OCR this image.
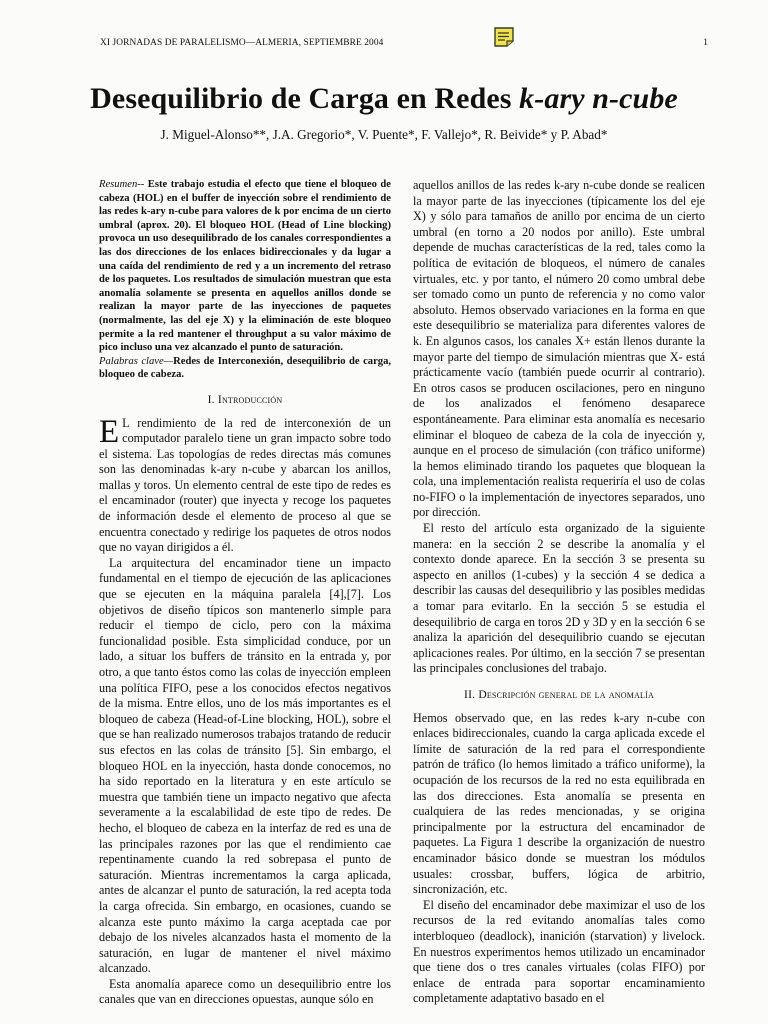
XI JORNADAS DE PARALELISMO—ALMERIA, SEPTIEMBRE 2004	1
Desequilibrio de Carga en Redes k-ary n-cube
J. Miguel-Alonso**, J.A. Gregorio*, V. Puente*, F. Vallejo*, R. Beivide* y P. Abad*

Resumen-- Este trabajo estudia el efecto que tiene el bloqueo de cabeza (HOL) en el buffer de inyección sobre el rendimiento de las redes k-ary n-cube para valores de k por encima de un cierto umbral (aprox. 20). El bloqueo HOL (Head of Line blocking) provoca un uso desequilibrado de los canales correspondientes a las dos direcciones de los enlaces bidireccionales y da lugar a una caída del rendimiento de red y a un incremento del retraso de los paquetes. Los resultados de simulación muestran que esta anomalía solamente se presenta en aquellos anillos donde se realizan la mayor parte de las inyecciones de paquetes (normalmente, las del eje X) y la eliminación de este bloqueo permite a la red mantener el throughput a su valor máximo de pico incluso una vez alcanzado el punto de saturación.

Palabras clave—Redes de Interconexión, desequilibrio de carga, bloqueo de cabeza.

I. Introducción
E L rendimiento de la red de interconexión de un computador paralelo tiene un gran impacto sobre todo el sistema. Las topologías de redes directas más comunes son las denominadas k-ary n-cube y abarcan los anillos, mallas y toros. Un elemento central de este tipo de redes es el encaminador (router) que inyecta y recoge los paquetes de información desde el elemento de proceso al que se encuentra conectado y redirige los paquetes de otros nodos que no vayan dirigidos a él.

La arquitectura del encaminador tiene un impacto fundamental en el tiempo de ejecución de las aplicaciones que se ejecuten en la máquina paralela [4],[7]. Los objetivos de diseño típicos son mantenerlo simple para reducir el tiempo de ciclo, pero con la máxima funcionalidad posible. Esta simplicidad conduce, por un lado, a situar los buffers de tránsito en la entrada y, por otro, a que tanto éstos como las colas de inyección empleen una política FIFO, pese a los conocidos efectos negativos de la misma. Entre ellos, uno de los más importantes es el bloqueo de cabeza (Head-of-Line blocking, HOL), sobre el que se han realizado numerosos trabajos tratando de reducir sus efectos en las colas de tránsito [5]. Sin embargo, el bloqueo HOL en la inyección, hasta donde conocemos, no ha sido reportado en la literatura y en este artículo se muestra que también tiene un impacto negativo que afecta severamente a la escalabilidad de este tipo de redes. De hecho, el bloqueo de cabeza en la interfaz de red es una de las principales razones por las que el rendimiento cae repentinamente cuando la red sobrepasa el punto de saturación. Mientras incrementamos la carga aplicada, antes de alcanzar el punto de saturación, la red acepta toda la carga ofrecida. Sin embargo, en ocasiones, cuando se alcanza este punto máximo la carga aceptada cae por debajo de los niveles alcanzados hasta el momento de la saturación, en lugar de mantener el nivel máximo alcanzado.

Esta anomalía aparece como un desequilibrio entre los canales que van en direcciones opuestas, aunque sólo en

aquellos anillos de las redes k-ary n-cube donde se realicen la mayor parte de las inyecciones (típicamente los del eje X) y sólo para tamaños de anillo por encima de un cierto umbral (en torno a 20 nodos por anillo). Este umbral depende de muchas características de la red, tales como la política de evitación de bloqueos, el número de canales virtuales, etc. y por tanto, el número 20 como umbral debe ser tomado como un punto de referencia y no como valor absoluto. Hemos observado variaciones en la forma en que este desequilibrio se materializa para diferentes valores de k. En algunos casos, los canales X+ están llenos durante la mayor parte del tiempo de simulación mientras que X- está prácticamente vacío (también puede ocurrir al contrario). En otros casos se producen oscilaciones, pero en ninguno de los analizados el fenómeno desaparece espontáneamente. Para eliminar esta anomalía es necesario eliminar el bloqueo de cabeza de la cola de inyección y, aunque en el proceso de simulación (con tráfico uniforme) la hemos eliminado tirando los paquetes que bloquean la cola, una implementación realista requeriría el uso de colas no-FIFO o la implementación de inyectores separados, uno por dirección.

El resto del artículo esta organizado de la siguiente manera: en la sección 2 se describe la anomalía y el contexto donde aparece. En la sección 3 se presenta su aspecto en anillos (1-cubes) y la sección 4 se dedica a describir las causas del desequilibrio y las posibles medidas a tomar para evitarlo. En la sección 5 se estudia el desequilibrio de carga en toros 2D y 3D y en la sección 6 se analiza la aparición del desequilibrio cuando se ejecutan aplicaciones reales. Por último, en la sección 7 se presentan las principales conclusiones del trabajo.

II. Descripción general de la anomalía

Hemos observado que, en las redes k-ary n-cube con enlaces bidireccionales, cuando la carga aplicada excede el límite de saturación de la red para el correspondiente patrón de tráfico (lo hemos limitado a tráfico uniforme), la ocupación de los recursos de la red no esta equilibrada en las dos direcciones. Esta anomalía se presenta en cualquiera de las redes mencionadas, y se origina principalmente por la estructura del encaminador de paquetes. La Figura 1 describe la organización de nuestro encaminador básico donde se muestran los módulos usuales: crossbar, buffers, lógica de arbitrio, sincronización, etc.

El diseño del encaminador debe maximizar el uso de los recursos de la red evitando anomalías tales como interbloqueo (deadlock), inanición (starvation) y livelock. En nuestros experimentos hemos utilizado un encaminador que tiene dos o tres canales virtuales (colas FIFO) por enlace de entrada para soportar encaminamiento completamente adaptativo basado en el
